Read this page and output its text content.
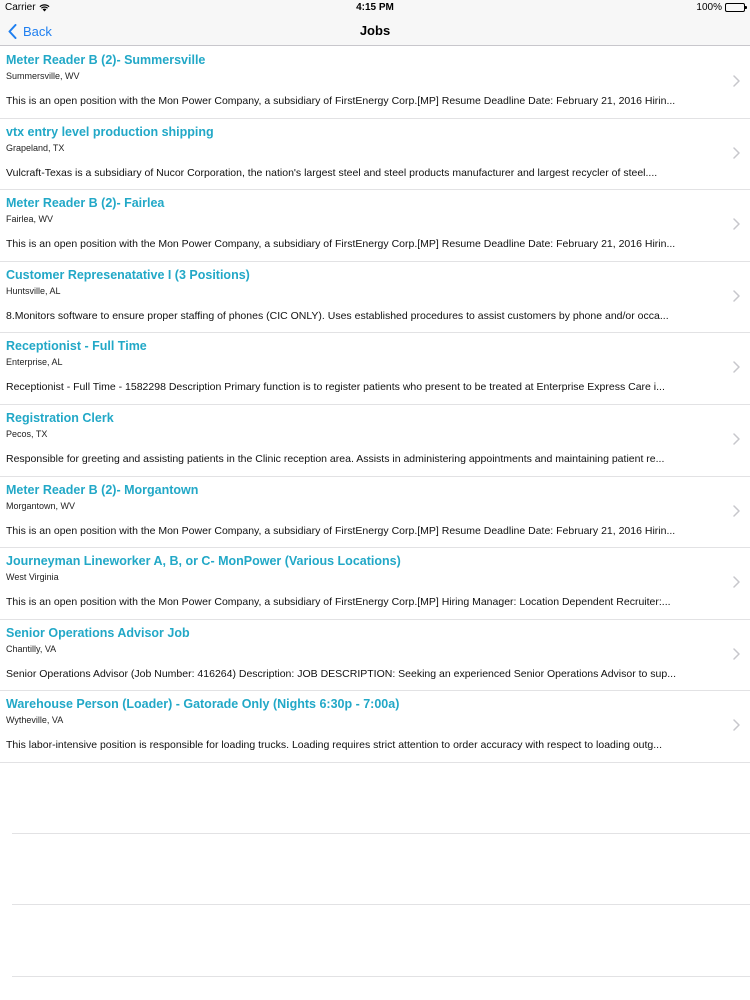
Carrier	4:15 PM	100%
Back	Jobs
Meter Reader B (2)- Summersville
Summersville, WV
This is an open position with the Mon Power Company, a subsidiary of FirstEnergy Corp.[MP] Resume Deadline Date: February 21, 2016 Hirin...
vtx entry level production shipping
Grapeland, TX
Vulcraft-Texas is a subsidiary of Nucor Corporation, the nation's largest steel and steel products manufacturer and largest recycler of steel....
Meter Reader B (2)- Fairlea
Fairlea, WV
This is an open position with the Mon Power Company, a subsidiary of FirstEnergy Corp.[MP] Resume Deadline Date: February 21, 2016 Hirin...
Customer Represenatative I (3 Positions)
Huntsville, AL
8.Monitors software to ensure proper staffing of phones (CIC ONLY). Uses established procedures to assist customers by phone and/or occa...
Receptionist - Full Time
Enterprise, AL
Receptionist - Full Time - 1582298 Description Primary function is to register patients who present to be treated at Enterprise Express Care i...
Registration Clerk
Pecos, TX
Responsible for greeting and assisting patients in the Clinic reception area. Assists in administering appointments and maintaining patient re...
Meter Reader B (2)- Morgantown
Morgantown, WV
This is an open position with the Mon Power Company, a subsidiary of FirstEnergy Corp.[MP] Resume Deadline Date: February 21, 2016 Hirin...
Journeyman Lineworker A, B, or C- MonPower (Various Locations)
West Virginia
This is an open position with the Mon Power Company, a subsidiary of FirstEnergy Corp.[MP] Hiring Manager: Location Dependent Recruiter:...
Senior Operations Advisor Job
Chantilly, VA
Senior Operations Advisor (Job Number: 416264) Description: JOB DESCRIPTION: Seeking an experienced Senior Operations Advisor to sup...
Warehouse Person (Loader) - Gatorade Only (Nights 6:30p - 7:00a)
Wytheville, VA
This labor-intensive position is responsible for loading trucks. Loading requires strict attention to order accuracy with respect to loading outg...
